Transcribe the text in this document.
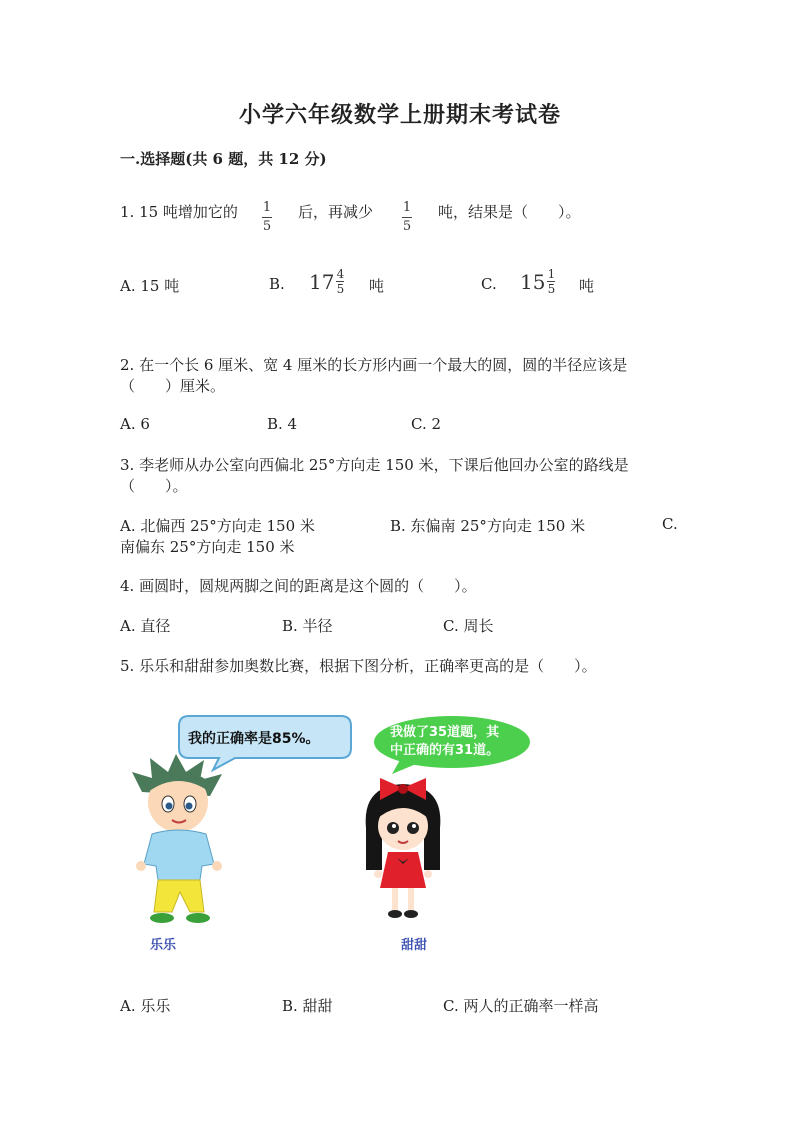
小学六年级数学上册期末考试卷
一.选择题(共 6 题，共 12 分)
1. 15 吨增加它的 $\frac{1}{5}$ 后，再减少 $\frac{1}{5}$ 吨，结果是（　　）。
A. 15 吨	B. $17 \frac{4}{5}$ 吨	C. $15 \frac{1}{5}$ 吨
2. 在一个长 6 厘米、宽 4 厘米的长方形内画一个最大的圆，圆的半径应该是
（　　）厘米。
A. 6	B. 4	C. 2
3. 李老师从办公室向西偏北 25°方向走 150 米，下课后他回办公室的路线是
（　　）。
A. 北偏西 25°方向走 150 米	B. 东偏南 25°方向走 150 米	C.
南偏东 25°方向走 150 米
4. 画圆时，圆规两脚之间的距离是这个圆的（　　）。
A. 直径	B. 半径	C. 周长
5. 乐乐和甜甜参加奥数比赛，根据下图分析，正确率更高的是（　　）。
我的正确率是85%。	我做了35道题，其
中正确的有31道。
乐乐	甜甜
A. 乐乐	B. 甜甜	C. 两人的正确率一样高
